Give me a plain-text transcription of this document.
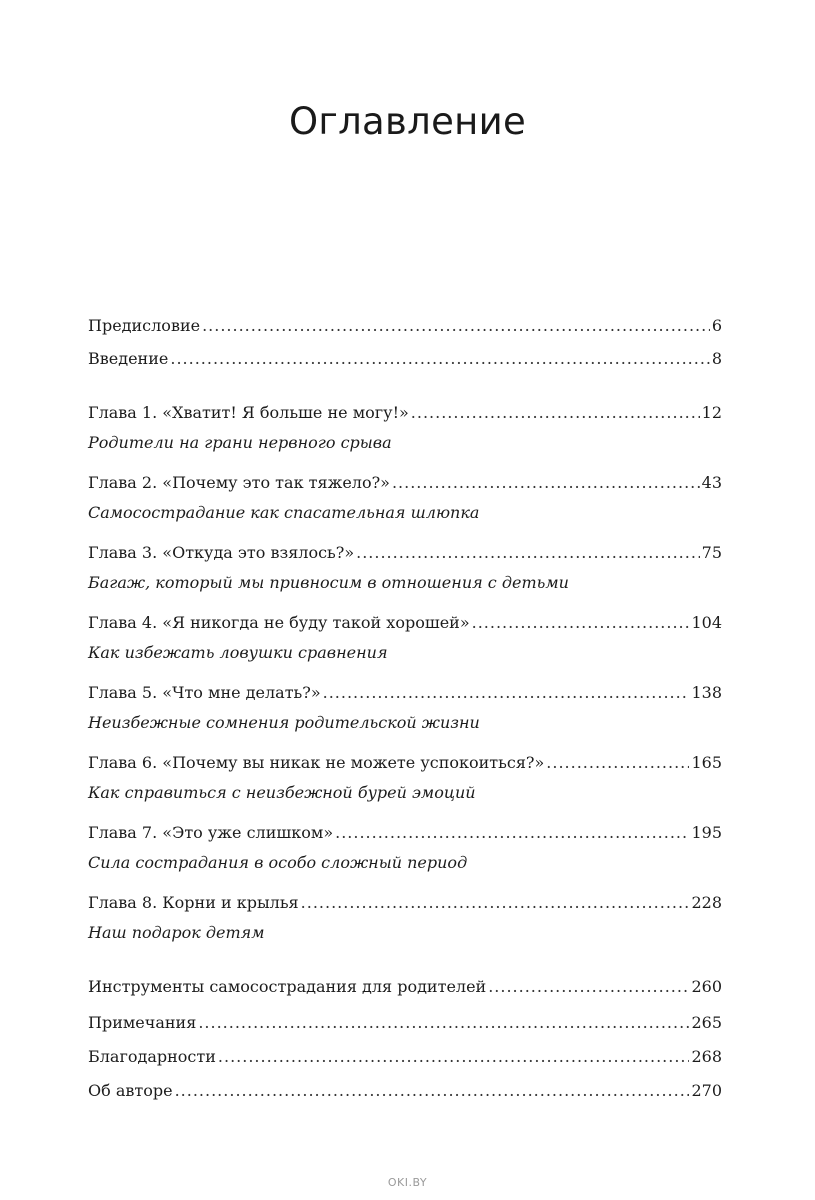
Оглавление
Предисловие .....	6
Введение .....	8
Глава 1. «Хватит! Я больше не могу!» .....	12
Родители на грани нервного срыва
Глава 2. «Почему это так тяжело?» .....	43
Самосострадание как спасательная шлюпка
Глава 3. «Откуда это взялось?» .....	75
Багаж, который мы привносим в отношения с детьми
Глава 4. «Я никогда не буду такой хорошей» .....	104
Как избежать ловушки сравнения
Глава 5. «Что мне делать?» .....	138
Неизбежные сомнения родительской жизни
Глава 6. «Почему вы никак не можете успокоиться?» .....	165
Как справиться с неизбежной бурей эмоций
Глава 7. «Это уже слишком» .....	195
Сила сострадания в особо сложный период
Глава 8. Корни и крылья .....	228
Наш подарок детям
Инструменты самосострадания для родителей .....	260
Примечания .....	265
Благодарности .....	268
Об авторе .....	270
OKI.BY
